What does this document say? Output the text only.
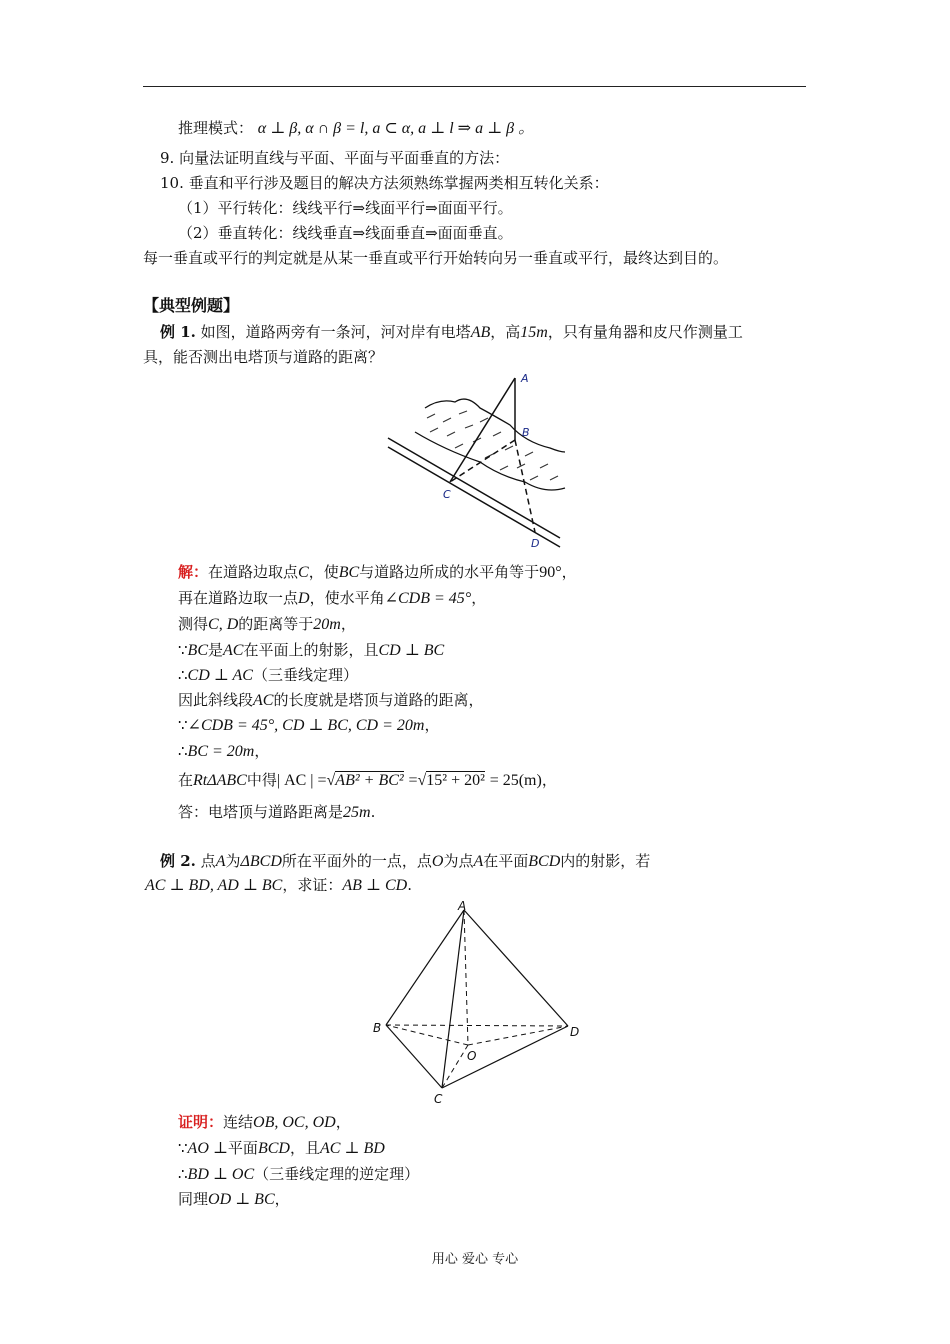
推理模式： α ⊥ β, α ∩ β = l, a ⊂ α, a ⊥ l ⇒ a ⊥ β 。
9. 向量法证明直线与平面、平面与平面垂直的方法：
10. 垂直和平行涉及题目的解决方法须熟练掌握两类相互转化关系：
（1）平行转化：线线平行⇒线面平行⇒面面平行。
（2）垂直转化：线线垂直⇒线面垂直⇒面面垂直。
每一垂直或平行的判定就是从某一垂直或平行开始转向另一垂直或平行，最终达到目的。
【典型例题】
例 1. 如图，道路两旁有一条河，河对岸有电塔AB，高15m，只有量角器和皮尺作测量工
具，能否测出电塔顶与道路的距离？
A
B
C
D
解：在道路边取点C，使BC与道路边所成的水平角等于90°，
再在道路边取一点D，使水平角∠CDB = 45°，
测得C, D的距离等于20m，
∵BC是AC在平面上的射影，且CD ⊥ BC
∴CD ⊥ AC（三垂线定理）
因此斜线段AC的长度就是塔顶与道路的距离，
∵∠CDB = 45°, CD ⊥ BC, CD = 20m，
∴BC = 20m，
在RtΔABC中得| AC | =√AB² + BC² =√15² + 20² = 25(m)，
答：电塔顶与道路距离是25m.
例 2. 点A为ΔBCD所在平面外的一点，点O为点A在平面BCD内的射影，若
AC ⊥ BD, AD ⊥ BC，求证：AB ⊥ CD.
A
B
C
D
O
证明：连结OB, OC, OD，
∵AO ⊥平面BCD，且AC ⊥ BD
∴BD ⊥ OC（三垂线定理的逆定理）
同理OD ⊥ BC，
用心 爱心 专心
